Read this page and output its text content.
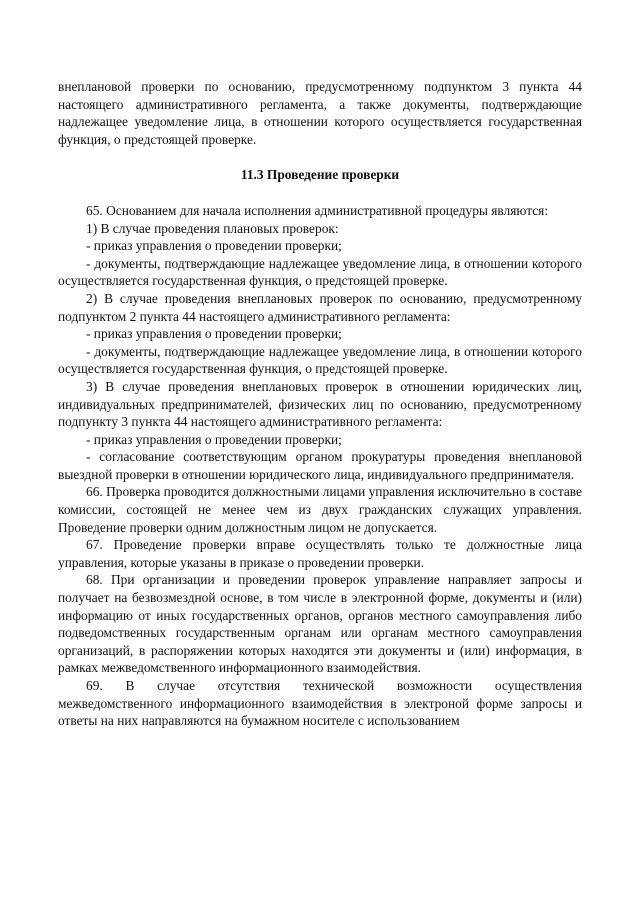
внеплановой проверки по основанию, предусмотренному подпунктом 3 пункта 44 настоящего административного регламента, а также документы, подтверждающие надлежащее уведомление лица, в отношении которого осуществляется государственная функция, о предстоящей проверке.

11.3 Проведение проверки

65. Основанием для начала исполнения административной процедуры являются:

1) В случае проведения плановых проверок:

- приказ управления о проведении проверки;

- документы, подтверждающие надлежащее уведомление лица, в отношении которого осуществляется государственная функция, о предстоящей проверке.

2) В случае проведения внеплановых проверок по основанию, предусмотренному подпунктом 2 пункта 44 настоящего административного регламента:

- приказ управления о проведении проверки;

- документы, подтверждающие надлежащее уведомление лица, в отношении которого осуществляется государственная функция, о предстоящей проверке.

3) В случае проведения внеплановых проверок в отношении юридических лиц, индивидуальных предпринимателей, физических лиц по основанию, предусмотренному подпункту 3 пункта 44 настоящего административного регламента:

- приказ управления о проведении проверки;

- согласование соответствующим органом прокуратуры проведения внеплановой выездной проверки в отношении юридического лица, индивидуального предпринимателя.

66. Проверка проводится должностными лицами управления исключительно в составе комиссии, состоящей не менее чем из двух гражданских служащих управления. Проведение проверки одним должностным лицом не допускается.

67. Проведение проверки вправе осуществлять только те должностные лица управления, которые указаны в приказе о проведении проверки.

68. При организации и проведении проверок управление направляет запросы и получает на безвозмездной основе, в том числе в электронной форме, документы и (или) информацию от иных государственных органов, органов местного самоуправления либо подведомственных государственным органам или органам местного самоуправления организаций, в распоряжении которых находятся эти документы и (или) информация, в рамках межведомственного информационного взаимодействия.

69. В случае отсутствия технической возможности осуществления межведомственного информационного взаимодействия в электроной форме запросы и ответы на них направляются на бумажном носителе с использованием
